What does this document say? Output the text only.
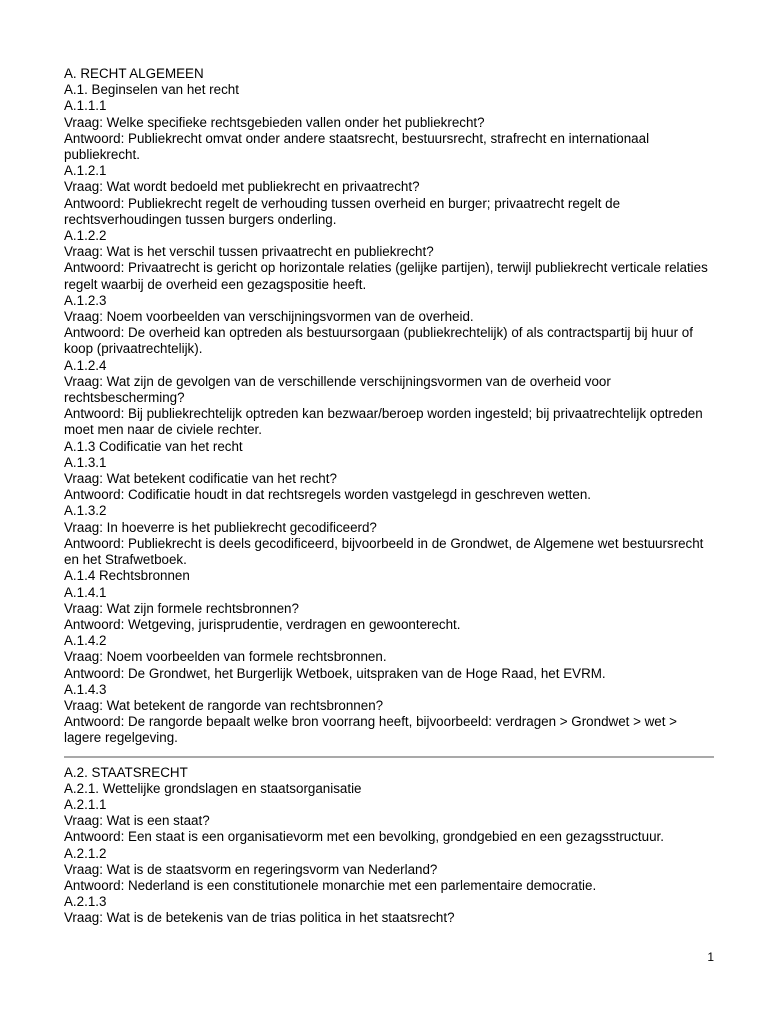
A. RECHT ALGEMEEN
A.1. Beginselen van het recht
A.1.1.1
Vraag: Welke specifieke rechtsgebieden vallen onder het publiekrecht?
Antwoord: Publiekrecht omvat onder andere staatsrecht, bestuursrecht, strafrecht en internationaal publiekrecht.
A.1.2.1
Vraag: Wat wordt bedoeld met publiekrecht en privaatrecht?
Antwoord: Publiekrecht regelt de verhouding tussen overheid en burger; privaatrecht regelt de rechtsverhoudingen tussen burgers onderling.
A.1.2.2
Vraag: Wat is het verschil tussen privaatrecht en publiekrecht?
Antwoord: Privaatrecht is gericht op horizontale relaties (gelijke partijen), terwijl publiekrecht verticale relaties regelt waarbij de overheid een gezagspositie heeft.
A.1.2.3
Vraag: Noem voorbeelden van verschijningsvormen van de overheid.
Antwoord: De overheid kan optreden als bestuursorgaan (publiekrechtelijk) of als contractspartij bij huur of koop (privaatrechtelijk).
A.1.2.4
Vraag: Wat zijn de gevolgen van de verschillende verschijningsvormen van de overheid voor rechtsbescherming?
Antwoord: Bij publiekrechtelijk optreden kan bezwaar/beroep worden ingesteld; bij privaatrechtelijk optreden moet men naar de civiele rechter.
A.1.3 Codificatie van het recht
A.1.3.1
Vraag: Wat betekent codificatie van het recht?
Antwoord: Codificatie houdt in dat rechtsregels worden vastgelegd in geschreven wetten.
A.1.3.2
Vraag: In hoeverre is het publiekrecht gecodificeerd?
Antwoord: Publiekrecht is deels gecodificeerd, bijvoorbeeld in de Grondwet, de Algemene wet bestuursrecht en het Strafwetboek.
A.1.4 Rechtsbronnen
A.1.4.1
Vraag: Wat zijn formele rechtsbronnen?
Antwoord: Wetgeving, jurisprudentie, verdragen en gewoonterecht.
A.1.4.2
Vraag: Noem voorbeelden van formele rechtsbronnen.
Antwoord: De Grondwet, het Burgerlijk Wetboek, uitspraken van de Hoge Raad, het EVRM.
A.1.4.3
Vraag: Wat betekent de rangorde van rechtsbronnen?
Antwoord: De rangorde bepaalt welke bron voorrang heeft, bijvoorbeeld: verdragen > Grondwet > wet > lagere regelgeving.
A.2. STAATSRECHT
A.2.1. Wettelijke grondslagen en staatsorganisatie
A.2.1.1
Vraag: Wat is een staat?
Antwoord: Een staat is een organisatievorm met een bevolking, grondgebied en een gezagsstructuur.
A.2.1.2
Vraag: Wat is de staatsvorm en regeringsvorm van Nederland?
Antwoord: Nederland is een constitutionele monarchie met een parlementaire democratie.
A.2.1.3
Vraag: Wat is de betekenis van de trias politica in het staatsrecht?
1
